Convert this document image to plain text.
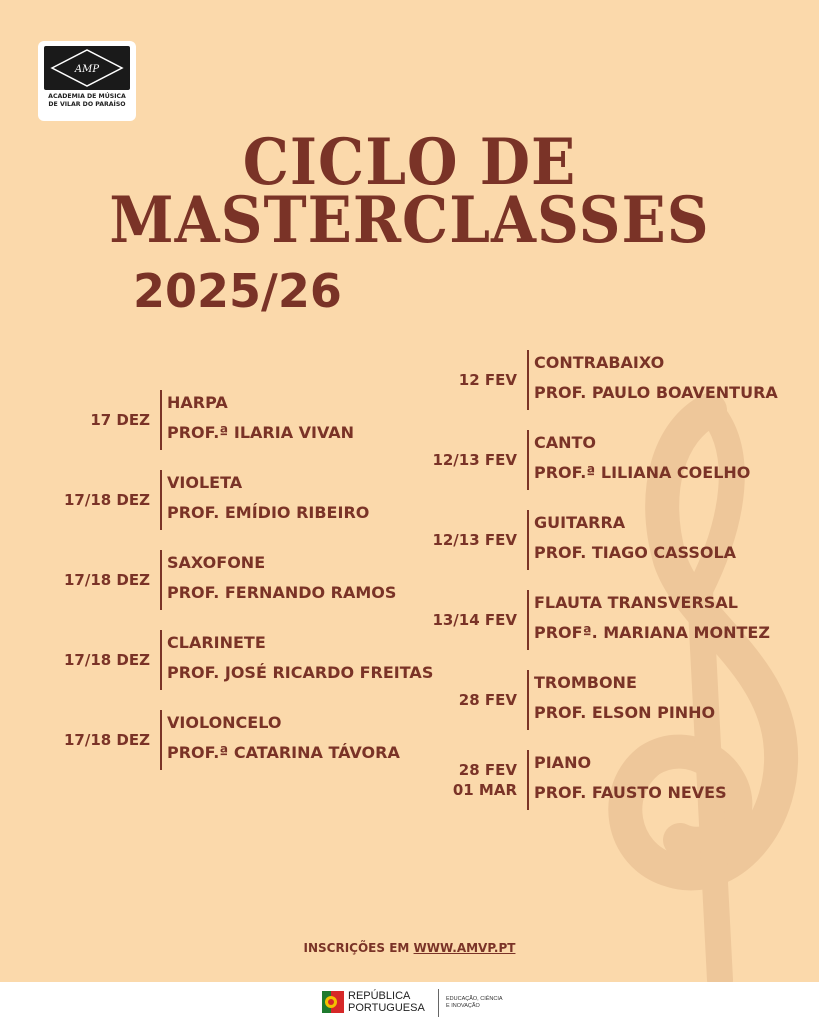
AMP
ACADEMIA DE MÚSICA
DE VILAR DO PARAÍSO
CICLO DE
MASTERCLASSES
2025/26
17 DEZ
HARPA
PROF.ª ILARIA VIVAN
17/18 DEZ
VIOLETA
PROF. EMÍDIO RIBEIRO
17/18 DEZ
SAXOFONE
PROF. FERNANDO RAMOS
17/18 DEZ
CLARINETE
PROF. JOSÉ RICARDO FREITAS
17/18 DEZ
VIOLONCELO
PROF.ª CATARINA TÁVORA
12 FEV
CONTRABAIXO
PROF. PAULO BOAVENTURA
12/13 FEV
CANTO
PROF.ª LILIANA COELHO
12/13 FEV
GUITARRA
PROF. TIAGO CASSOLA
13/14 FEV
FLAUTA TRANSVERSAL
PROFª. MARIANA MONTEZ
28 FEV
TROMBONE
PROF. ELSON PINHO
28 FEV
01 MAR
PIANO
PROF. FAUSTO NEVES
INSCRIÇÕES EM WWW.AMVP.PT
REPÚBLICA
PORTUGUESA
EDUCAÇÃO, CIÊNCIA
E INOVAÇÃO
